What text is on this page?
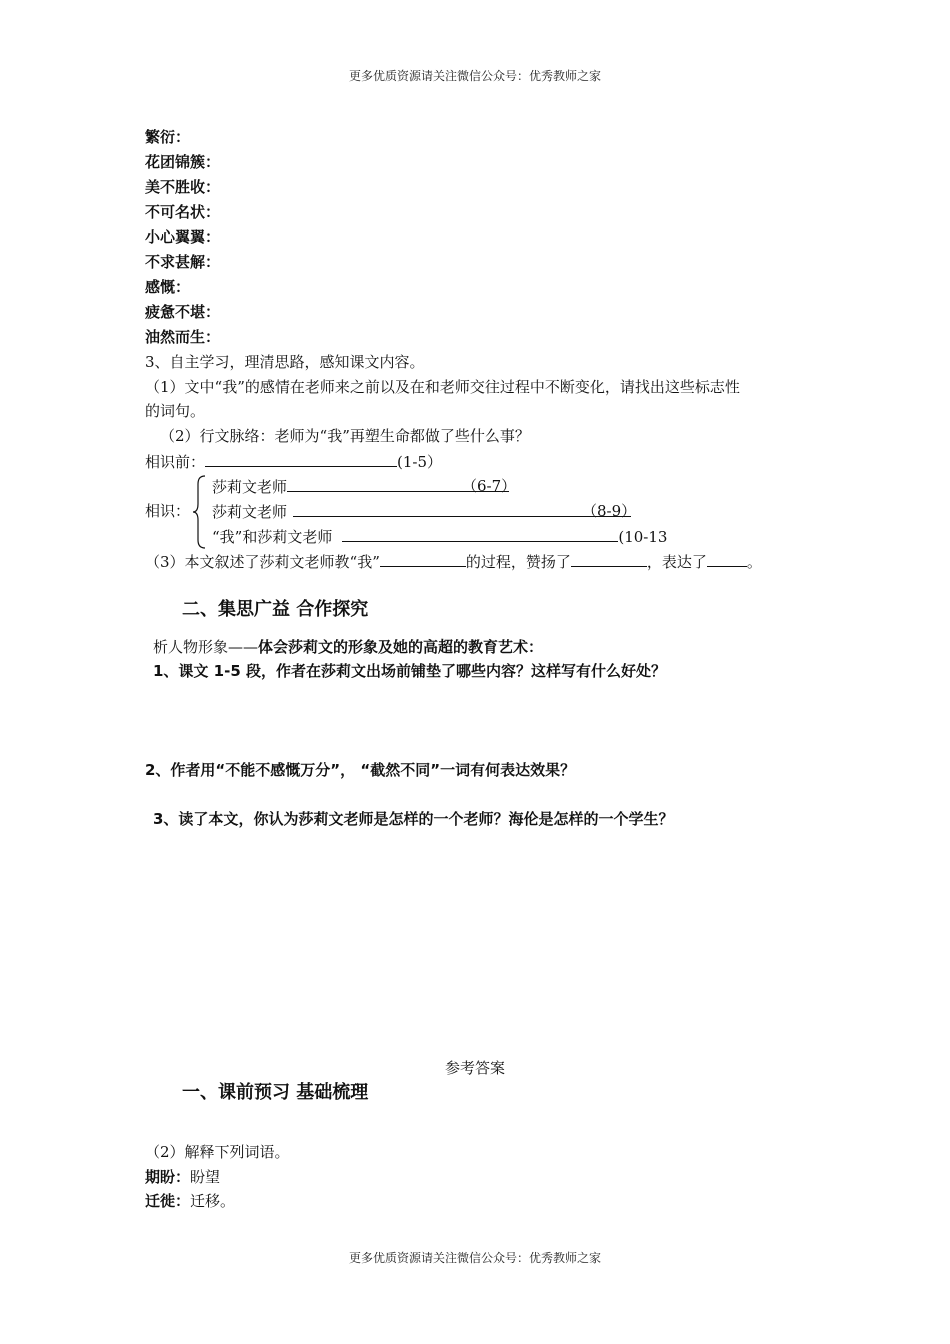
更多优质资源请关注微信公众号：优秀教师之家
繁衍：
花团锦簇：
美不胜收：
不可名状：
小心翼翼：
不求甚解：
感慨：
疲惫不堪：
油然而生：
3、自主学习，理清思路，感知课文内容。
（1）文中“我”的感情在老师来之前以及在和老师交往过程中不断变化，请找出这些标志性
的词句。
（2）行文脉络：老师为“我”再塑生命都做了些什么事？
相识前：	(1-5）
相识：
莎莉文老师	（6-7）
莎莉文老师	（8-9）
“我”和莎莉文老师	(10-13
（3）本文叙述了莎莉文老师教“我”	的过程，赞扬了	，表达了	。
二、集思广益 合作探究
析人物形象——体会莎莉文的形象及她的高超的教育艺术：
1、课文 1-5 段，作者在莎莉文出场前铺垫了哪些内容？这样写有什么好处？
2、作者用“不能不感慨万分”， “截然不同”一词有何表达效果？
3、读了本文，你认为莎莉文老师是怎样的一个老师？海伦是怎样的一个学生？
参考答案
一、课前预习 基础梳理
（2）解释下列词语。
期盼：盼望
迁徙：迁移。
更多优质资源请关注微信公众号：优秀教师之家
